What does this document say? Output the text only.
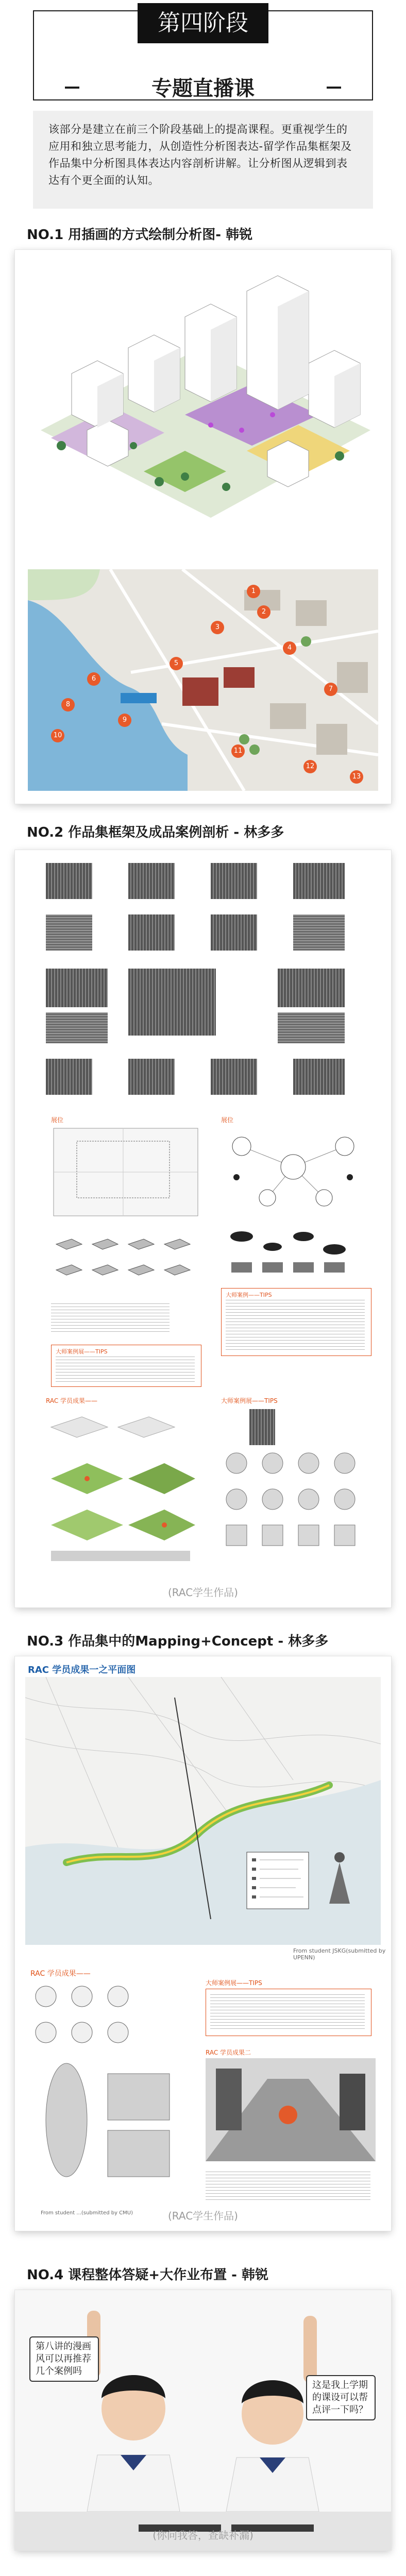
第四阶段
专题直播课
该部分是建立在前三个阶段基础上的提高课程。更重视学生的应用和独立思考能力，从创造性分析图表达-留学作品集框架及作品集中分析图具体表达内容剖析讲解。让分析图从逻辑到表达有个更全面的认知。
NO.1 用插画的方式绘制分析图- 韩锐
1
2
3
4
5
6
7
8
9
10
11
12
13
NO.2 作品集框架及成品案例剖析 - 林多多
展位
大师案例展——TIPS
展位
大师案例——TIPS
RAC 学员成果——	大师案例展——TIPS
(RAC学生作品)
NO.3 作品集中的Mapping+Concept - 林多多
RAC 学员成果一之平面图
From student JSKG(submitted by UPENN)
RAC 学员成果——
From student ...(submitted by CMU)
大师案例展——TIPS
RAC 学员成果二
(RAC学生作品)
NO.4 课程整体答疑+大作业布置 - 韩锐
第八讲的漫画风可以再推荐几个案例吗
这是我上学期的课设可以帮点评一下吗？
(你问我答，查缺补漏)
